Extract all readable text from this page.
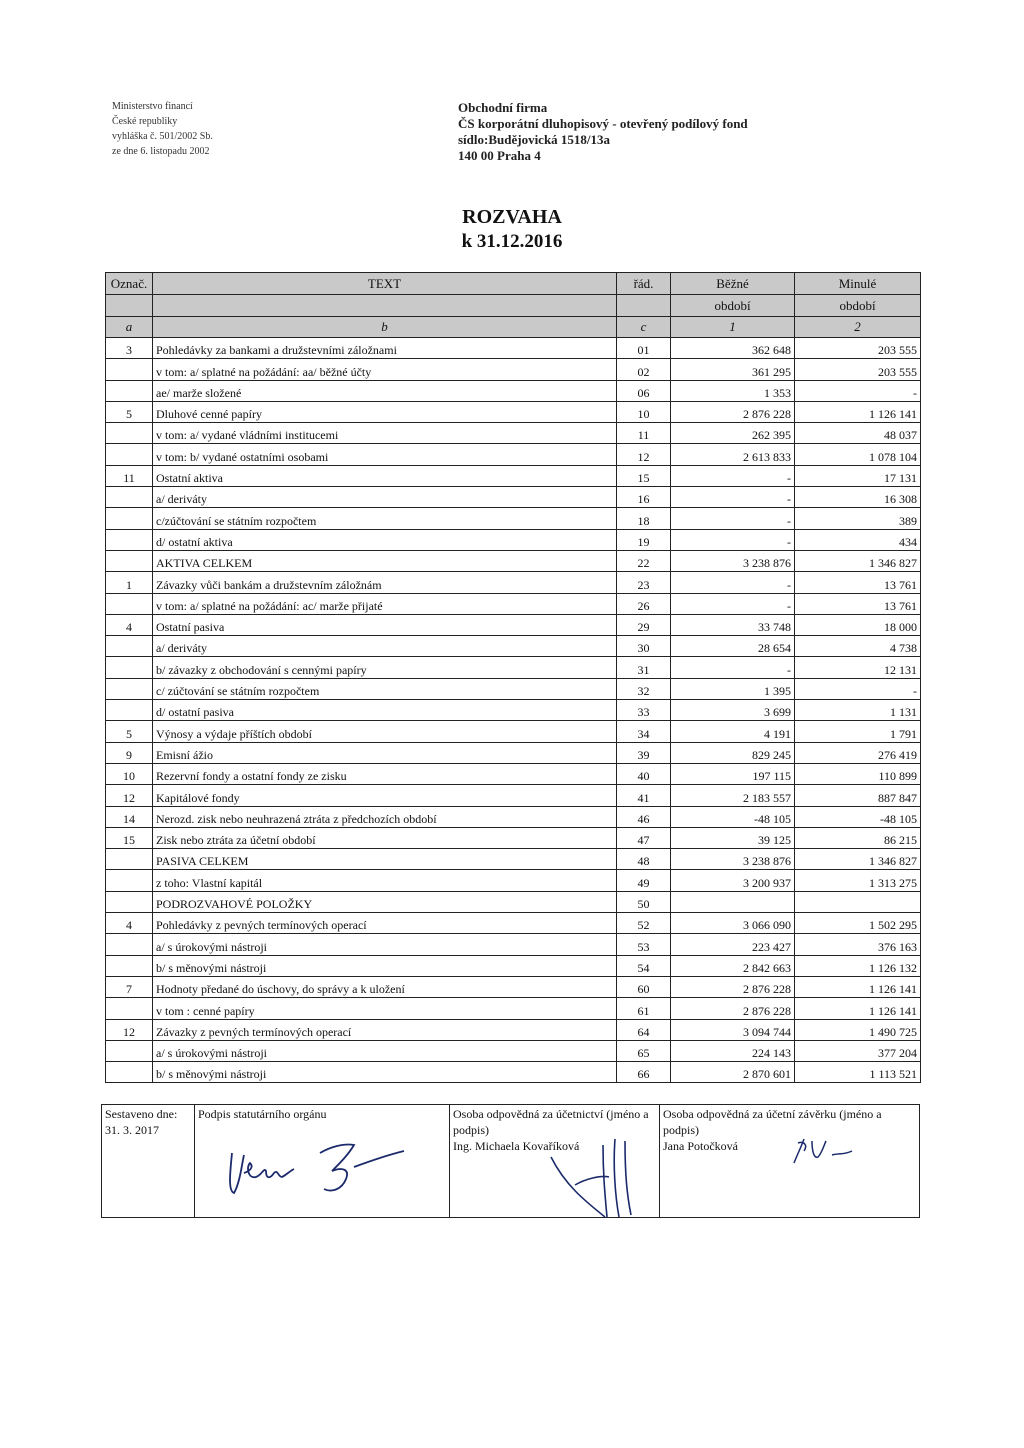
Ministerstvo financí
České republiky
vyhláška č. 501/2002 Sb.
ze dne 6. listopadu 2002
Obchodní firma
ČS korporátní dluhopisový - otevřený podílový fond
sídlo:Budějovická 1518/13a
140 00 Praha 4
ROZVAHA
k 31.12.2016
Označ.	TEXT	řád.	Běžné	Minulé
			období	období
a	b	c	1	2
3	Pohledávky za bankami a družstevními záložnami	01	362 648	203 555
	v tom: a/ splatné na požádání: aa/ běžné účty	02	361 295	203 555
	ae/ marže složené	06	1 353	-
5	Dluhové cenné papíry	10	2 876 228	1 126 141
	v tom: a/ vydané vládními institucemi	11	262 395	48 037
	v tom: b/ vydané ostatními osobami	12	2 613 833	1 078 104
11	Ostatní aktiva	15	-	17 131
	a/ deriváty	16	-	16 308
	c/zúčtování se státním rozpočtem	18	-	389
	d/ ostatní aktiva	19	-	434
	AKTIVA CELKEM	22	3 238 876	1 346 827
1	Závazky vůči bankám a družstevním záložnám	23	-	13 761
	v tom: a/ splatné na požádání: ac/ marže přijaté	26	-	13 761
4	Ostatní pasiva	29	33 748	18 000
	a/ deriváty	30	28 654	4 738
	b/ závazky z obchodování s cennými papíry	31	-	12 131
	c/ zúčtování se státním rozpočtem	32	1 395	-
	d/ ostatní pasiva	33	3 699	1 131
5	Výnosy a výdaje příštích období	34	4 191	1 791
9	Emisní ážio	39	829 245	276 419
10	Rezervní fondy a ostatní fondy ze zisku	40	197 115	110 899
12	Kapitálové fondy	41	2 183 557	887 847
14	Nerozd. zisk nebo neuhrazená ztráta z předchozích období	46	-48 105	-48 105
15	Zisk nebo ztráta za účetní období	47	39 125	86 215
	PASIVA CELKEM	48	3 238 876	1 346 827
	z toho: Vlastní kapitál	49	3 200 937	1 313 275
	PODROZVAHOVÉ POLOŽKY	50		
4	Pohledávky z pevných termínových operací	52	3 066 090	1 502 295
	a/ s úrokovými nástroji	53	223 427	376 163
	b/ s měnovými nástroji	54	2 842 663	1 126 132
7	Hodnoty předané do úschovy, do správy a k uložení	60	2 876 228	1 126 141
	v tom : cenné papíry	61	2 876 228	1 126 141
12	Závazky z pevných termínových operací	64	3 094 744	1 490 725
	a/ s úrokovými nástroji	65	224 143	377 204
	b/ s měnovými nástroji	66	2 870 601	1 113 521
Sestaveno dne:
31. 3. 2017

Podpis statutárního orgánu	Osoba odpovědná za účetnictví (jméno a podpis)
Ing. Michaela Kovaříková

Osoba odpovědná za účetní závěrku (jméno a podpis)
Jana Potočková
